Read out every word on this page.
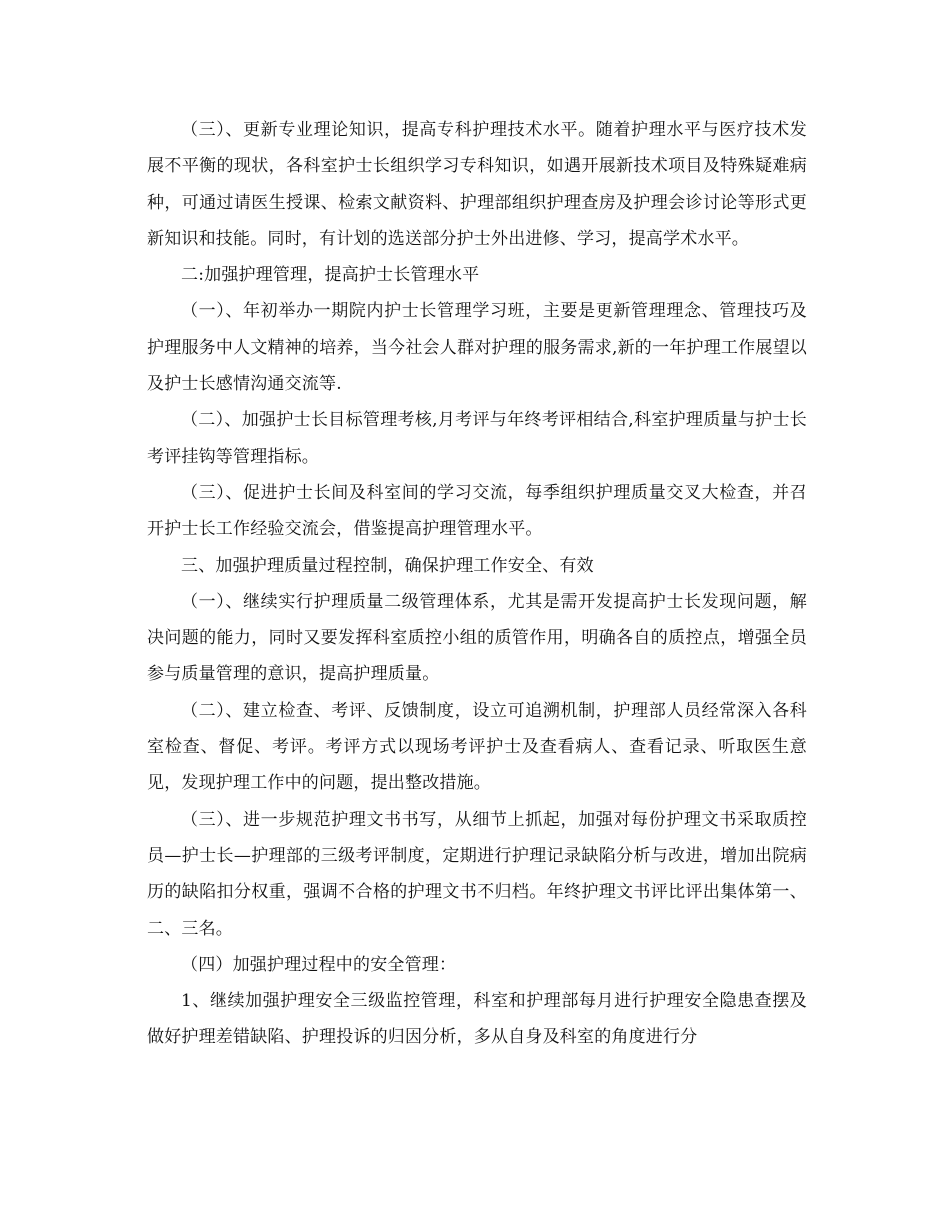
（三）、更新专业理论知识，提高专科护理技术水平。随着护理水平与医疗技术发展不平衡的现状，各科室护士长组织学习专科知识，如遇开展新技术项目及特殊疑难病种，可通过请医生授课、检索文献资料、护理部组织护理查房及护理会诊讨论等形式更新知识和技能。同时，有计划的选送部分护士外出进修、学习，提高学术水平。

二:加强护理管理，提高护士长管理水平

（一）、年初举办一期院内护士长管理学习班，主要是更新管理理念、管理技巧及护理服务中人文精神的培养，当今社会人群对护理的服务需求,新的一年护理工作展望以及护士长感情沟通交流等.

（二）、加强护士长目标管理考核,月考评与年终考评相结合,科室护理质量与护士长考评挂钩等管理指标。

（三）、促进护士长间及科室间的学习交流，每季组织护理质量交叉大检查，并召开护士长工作经验交流会，借鉴提高护理管理水平。

三、加强护理质量过程控制，确保护理工作安全、有效

（一）、继续实行护理质量二级管理体系，尤其是需开发提高护士长发现问题，解决问题的能力，同时又要发挥科室质控小组的质管作用，明确各自的质控点，增强全员参与质量管理的意识，提高护理质量。

（二）、建立检查、考评、反馈制度，设立可追溯机制，护理部人员经常深入各科室检查、督促、考评。考评方式以现场考评护士及查看病人、查看记录、听取医生意见，发现护理工作中的问题，提出整改措施。

（三）、进一步规范护理文书书写，从细节上抓起，加强对每份护理文书采取质控员—护士长—护理部的三级考评制度，定期进行护理记录缺陷分析与改进，增加出院病历的缺陷扣分权重，强调不合格的护理文书不归档。年终护理文书评比评出集体第一、二、三名。

（四）加强护理过程中的安全管理：

1、继续加强护理安全三级监控管理，科室和护理部每月进行护理安全隐患查摆及做好护理差错缺陷、护理投诉的归因分析，多从自身及科室的角度进行分
